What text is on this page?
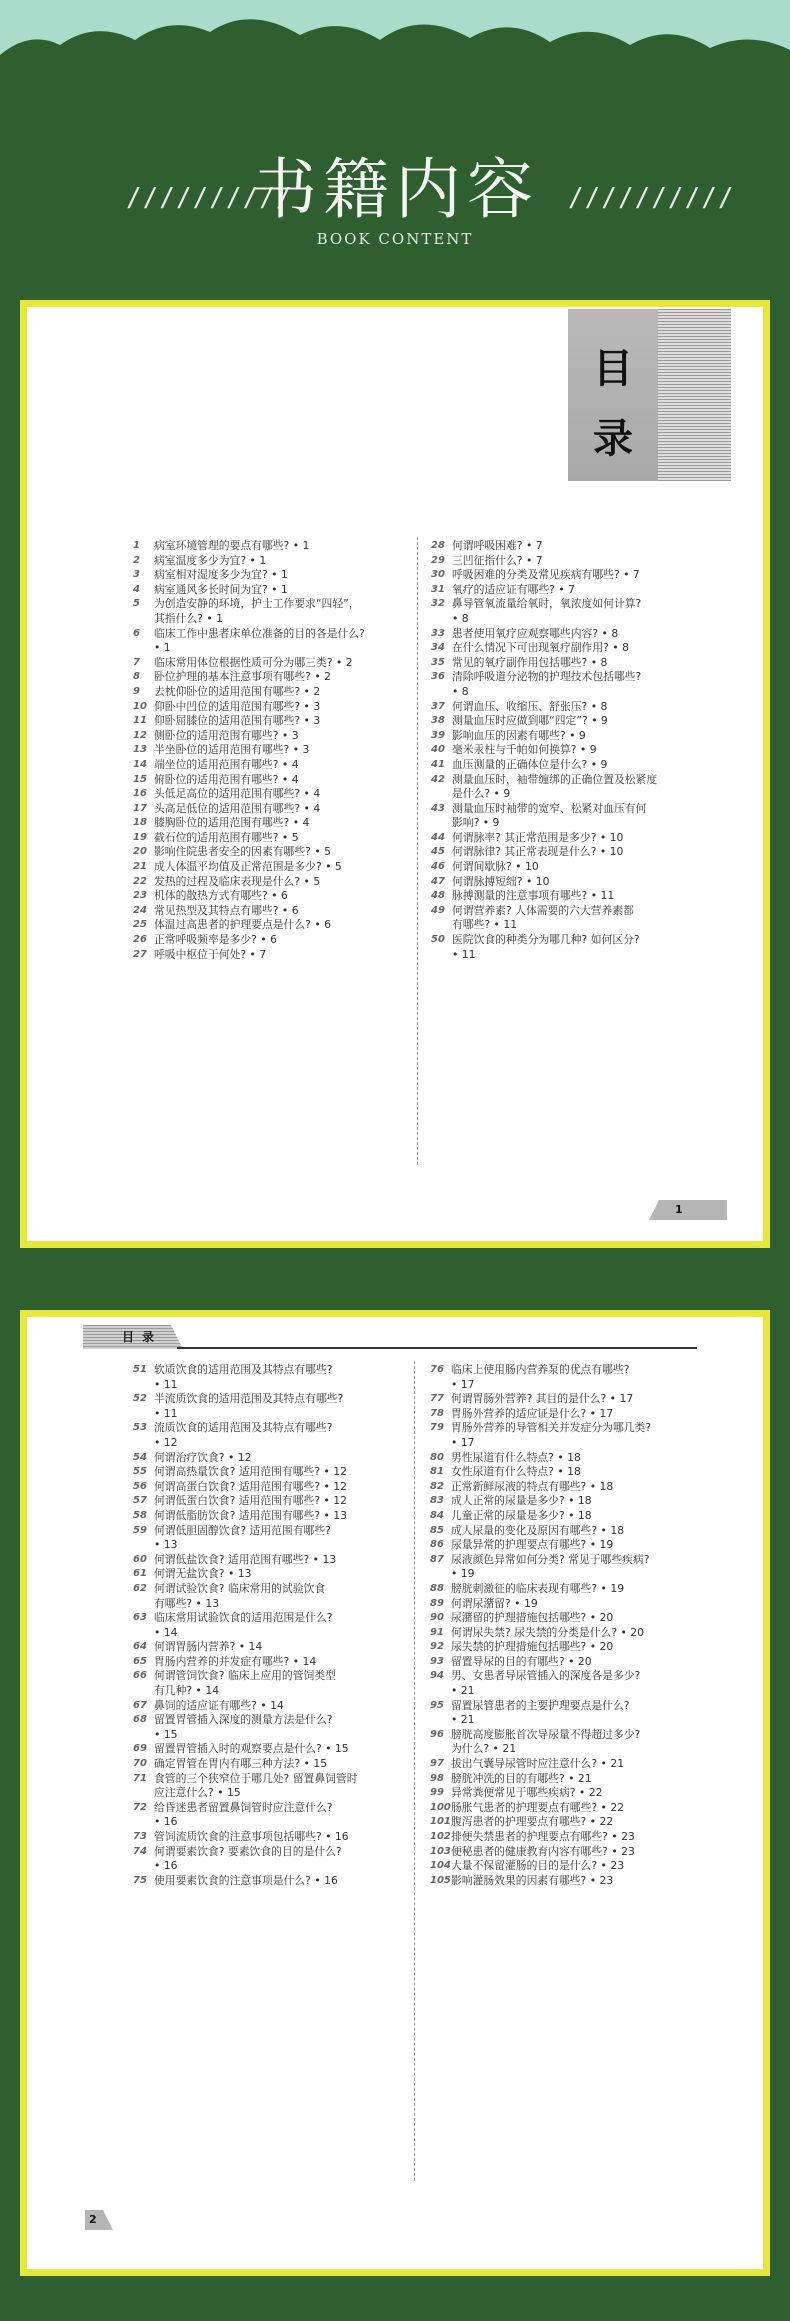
//////////	//////////
书籍内容
BOOK CONTENT
目
录
1	病室环境管理的要点有哪些? • 1
2	病室温度多少为宜? • 1
3	病室相对湿度多少为宜? • 1
4	病室通风多长时间为宜? • 1
5	为创造安静的环境，护士工作要求“四轻”，
其指什么? • 1
6	临床工作中患者床单位准备的目的各是什么?
• 1
7	临床常用体位根据性质可分为哪三类? • 2
8	卧位护理的基本注意事项有哪些? • 2
9	去枕仰卧位的适用范围有哪些? • 2
10 仰卧中凹位的适用范围有哪些? • 3
11 仰卧屈膝位的适用范围有哪些? • 3
12 侧卧位的适用范围有哪些? • 3
13 半坐卧位的适用范围有哪些? • 3
14 端坐位的适用范围有哪些? • 4
15 俯卧位的适用范围有哪些? • 4
16 头低足高位的适用范围有哪些? • 4
17 头高足低位的适用范围有哪些? • 4
18 膝胸卧位的适用范围有哪些? • 4
19 截石位的适用范围有哪些? • 5
20 影响住院患者安全的因素有哪些? • 5
21 成人体温平均值及正常范围是多少? • 5
22 发热的过程及临床表现是什么? • 5
23 机体的散热方式有哪些? • 6
24 常见热型及其特点有哪些? • 6
25 体温过高患者的护理要点是什么? • 6
26 正常呼吸频率是多少? • 6
27 呼吸中枢位于何处? • 7
28 何谓呼吸困难? • 7
29 三凹征指什么? • 7
30 呼吸困难的分类及常见疾病有哪些? • 7
31 氧疗的适应证有哪些? • 7
32 鼻导管氧流量给氧时，氧浓度如何计算?
• 8
33 患者使用氧疗应观察哪些内容? • 8
34 在什么情况下可出现氧疗副作用? • 8
35 常见的氧疗副作用包括哪些? • 8
36 清除呼吸道分泌物的护理技术包括哪些?
• 8
37 何谓血压、收缩压、舒张压? • 8
38 测量血压时应做到哪“四定”? • 9
39 影响血压的因素有哪些? • 9
40 毫米汞柱与千帕如何换算? • 9
41 血压测量的正确体位是什么? • 9
42 测量血压时，袖带缠绑的正确位置及松紧度
是什么? • 9
43 测量血压时袖带的宽窄、松紧对血压有何
影响? • 9
44 何谓脉率? 其正常范围是多少? • 10
45 何谓脉律? 其正常表现是什么? • 10
46 何谓间歇脉? • 10
47 何谓脉搏短绌? • 10
48 脉搏测量的注意事项有哪些? • 11
49 何谓营养素? 人体需要的六大营养素都
有哪些? • 11
50 医院饮食的种类分为哪几种? 如何区分?
• 11
1
目录
51 软质饮食的适用范围及其特点有哪些?
• 11
52 半流质饮食的适用范围及其特点有哪些?
• 11
53 流质饮食的适用范围及其特点有哪些?
• 12
54 何谓治疗饮食? • 12
55 何谓高热量饮食? 适用范围有哪些? • 12
56 何谓高蛋白饮食? 适用范围有哪些? • 12
57 何谓低蛋白饮食? 适用范围有哪些? • 12
58 何谓低脂肪饮食? 适用范围有哪些? • 13
59 何谓低胆固醇饮食? 适用范围有哪些?
• 13
60 何谓低盐饮食? 适用范围有哪些? • 13
61 何谓无盐饮食? • 13
62 何谓试验饮食? 临床常用的试验饮食
有哪些? • 13
63 临床常用试验饮食的适用范围是什么?
• 14
64 何谓胃肠内营养? • 14
65 胃肠内营养的并发症有哪些? • 14
66 何谓管饲饮食? 临床上应用的管饲类型
有几种? • 14
67 鼻饲的适应证有哪些? • 14
68 留置胃管插入深度的测量方法是什么?
• 15
69 留置胃管插入时的观察要点是什么? • 15
70 确定胃管在胃内有哪三种方法? • 15
71 食管的三个狭窄位于哪几处? 留置鼻饲管时
应注意什么? • 15
72 给昏迷患者留置鼻饲管时应注意什么?
• 16
73 管饲流质饮食的注意事项包括哪些? • 16
74 何谓要素饮食? 要素饮食的目的是什么?
• 16
75 使用要素饮食的注意事项是什么? • 16
76 临床上使用肠内营养泵的优点有哪些?
• 17
77 何谓胃肠外营养? 其目的是什么? • 17
78 胃肠外营养的适应证是什么? • 17
79 胃肠外营养的导管相关并发症分为哪几类?
• 17
80 男性尿道有什么特点? • 18
81 女性尿道有什么特点? • 18
82 正常新鲜尿液的特点有哪些? • 18
83 成人正常的尿量是多少? • 18
84 儿童正常的尿量是多少? • 18
85 成人尿量的变化及原因有哪些? • 18
86 尿量异常的护理要点有哪些? • 19
87 尿液颜色异常如何分类? 常见于哪些疾病?
• 19
88 膀胱刺激征的临床表现有哪些? • 19
89 何谓尿潴留? • 19
90 尿潴留的护理措施包括哪些? • 20
91 何谓尿失禁? 尿失禁的分类是什么? • 20
92 尿失禁的护理措施包括哪些? • 20
93 留置导尿的目的有哪些? • 20
94 男、女患者导尿管插入的深度各是多少?
• 21
95 留置尿管患者的主要护理要点是什么?
• 21
96 膀胱高度膨胀首次导尿量不得超过多少?
为什么? • 21
97 拔出气囊导尿管时应注意什么? • 21
98 膀胱冲洗的目的有哪些? • 21
99 异常粪便常见于哪些疾病? • 22
100 肠胀气患者的护理要点有哪些? • 22
101 腹泻患者的护理要点有哪些? • 22
102 排便失禁患者的护理要点有哪些? • 23
103 便秘患者的健康教育内容有哪些? • 23
104 大量不保留灌肠的目的是什么? • 23
105 影响灌肠效果的因素有哪些? • 23
2
